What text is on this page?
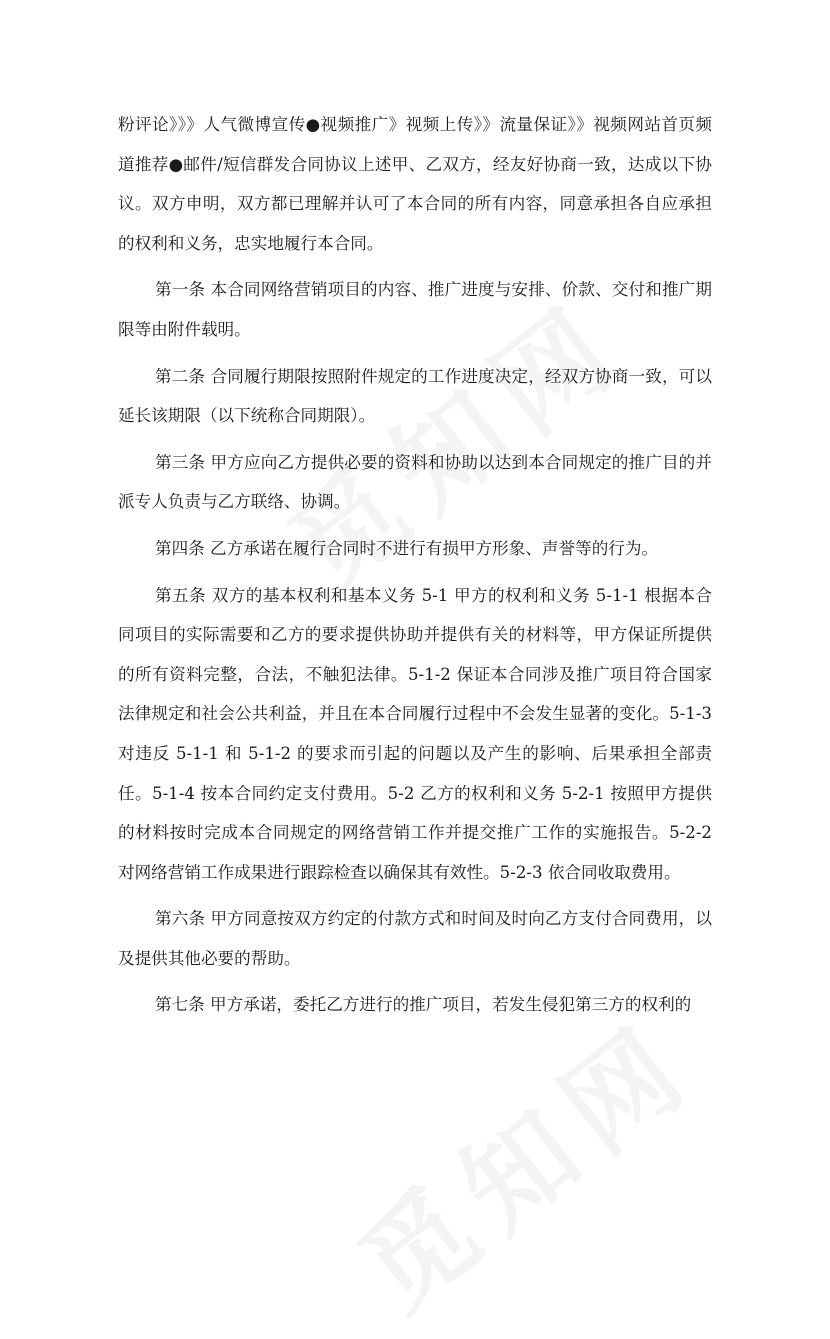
粉评论》》》人气微博宣传●视频推广》视频上传》》流量保证》》视频网站首页频道推荐●邮件/短信群发合同协议上述甲、乙双方，经友好协商一致，达成以下协议。双方申明，双方都已理解并认可了本合同的所有内容，同意承担各自应承担的权利和义务，忠实地履行本合同。

第一条 本合同网络营销项目的内容、推广进度与安排、价款、交付和推广期限等由附件载明。

第二条 合同履行期限按照附件规定的工作进度决定，经双方协商一致，可以延长该期限（以下统称合同期限）。

第三条 甲方应向乙方提供必要的资料和协助以达到本合同规定的推广目的并派专人负责与乙方联络、协调。

第四条 乙方承诺在履行合同时不进行有损甲方形象、声誉等的行为。

第五条 双方的基本权利和基本义务 5-1 甲方的权利和义务 5-1-1 根据本合同项目的实际需要和乙方的要求提供协助并提供有关的材料等，甲方保证所提供的所有资料完整，合法，不触犯法律。5-1-2 保证本合同涉及推广项目符合国家法律规定和社会公共利益，并且在本合同履行过程中不会发生显著的变化。5-1-3 对违反 5-1-1 和 5-1-2 的要求而引起的问题以及产生的影响、后果承担全部责任。5-1-4 按本合同约定支付费用。5-2 乙方的权利和义务 5-2-1 按照甲方提供的材料按时完成本合同规定的网络营销工作并提交推广工作的实施报告。5-2-2 对网络营销工作成果进行跟踪检查以确保其有效性。5-2-3 依合同收取费用。

第六条 甲方同意按双方约定的付款方式和时间及时向乙方支付合同费用，以及提供其他必要的帮助。

第七条 甲方承诺，委托乙方进行的推广项目，若发生侵犯第三方的权利的
